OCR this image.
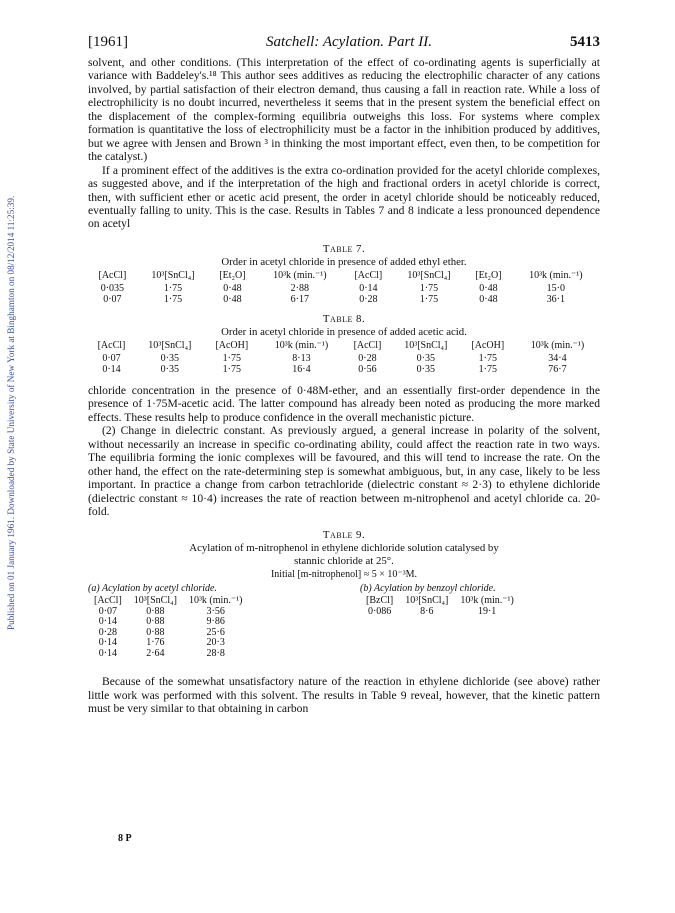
Published on 01 January 1961. Downloaded by State University of New York at Binghamton on 08/12/2014 11:25:39.
[1961]	Satchell: Acylation. Part II.	5413

solvent, and other conditions. (This interpretation of the effect of co-ordinating agents is superficially at variance with Baddeley's.¹⁸ This author sees additives as reducing the electrophilic character of any cations involved, by partial satisfaction of their electron demand, thus causing a fall in reaction rate. While a loss of electrophilicity is no doubt incurred, nevertheless it seems that in the present system the beneficial effect on the displacement of the complex-forming equilibria outweighs this loss. For systems where complex formation is quantitative the loss of electrophilicity must be a factor in the inhibition produced by additives, but we agree with Jensen and Brown ³ in thinking the most important effect, even then, to be competition for the catalyst.)

If a prominent effect of the additives is the extra co-ordination provided for the acetyl chloride complexes, as suggested above, and if the interpretation of the high and fractional orders in acetyl chloride is correct, then, with sufficient ether or acetic acid present, the order in acetyl chloride should be noticeably reduced, eventually falling to unity. This is the case. Results in Tables 7 and 8 indicate a less pronounced dependence on acetyl

Table 7.
Order in acetyl chloride in presence of added ethyl ether.
[AcCl]	10³[SnCl₄]	[Et₂O]	10³k (min.⁻¹)	[AcCl]	10³[SnCl₄]	[Et₂O]	10³k (min.⁻¹)
0·035	1·75	0·48	2·88	0·14	1·75	0·48	15·0
0·07	1·75	0·48	6·17	0·28	1·75	0·48	36·1
Table 8.
Order in acetyl chloride in presence of added acetic acid.
[AcCl]	10³[SnCl₄]	[AcOH]	10³k (min.⁻¹)	[AcCl]	10³[SnCl₄]	[AcOH]	10³k (min.⁻¹)
0·07	0·35	1·75	8·13	0·28	0·35	1·75	34·4
0·14	0·35	1·75	16·4	0·56	0·35	1·75	76·7

chloride concentration in the presence of 0·48M-ether, and an essentially first-order dependence in the presence of 1·75M-acetic acid. The latter compound has already been noted as producing the more marked effects. These results help to produce confidence in the overall mechanistic picture.

(2) Change in dielectric constant. As previously argued, a general increase in polarity of the solvent, without necessarily an increase in specific co-ordinating ability, could affect the reaction rate in two ways. The equilibria forming the ionic complexes will be favoured, and this will tend to increase the rate. On the other hand, the effect on the rate-determining step is somewhat ambiguous, but, in any case, likely to be less important. In practice a change from carbon tetrachloride (dielectric constant ≈ 2·3) to ethylene dichloride (dielectric constant ≈ 10·4) increases the rate of reaction between m-nitrophenol and acetyl chloride ca. 20-fold.

Table 9.
Acylation of m-nitrophenol in ethylene dichloride solution catalysed by
stannic chloride at 25°.
Initial [m-nitrophenol] ≈ 5 × 10⁻³M.
(a) Acylation by acetyl chloride.
[AcCl]	10³[SnCl₄]	10³k (min.⁻¹)
0·07	0·88	3·56
0·14	0·88	9·86
0·28	0·88	25·6
0·14	1·76	20·3
0·14	2·64	28·8
(b) Acylation by benzoyl chloride.
[BzCl]	10³[SnCl₄]	10³k (min.⁻¹)
0·086	8·6	19·1

Because of the somewhat unsatisfactory nature of the reaction in ethylene dichloride (see above) rather little work was performed with this solvent. The results in Table 9 reveal, however, that the kinetic pattern must be very similar to that obtaining in carbon

8 P
